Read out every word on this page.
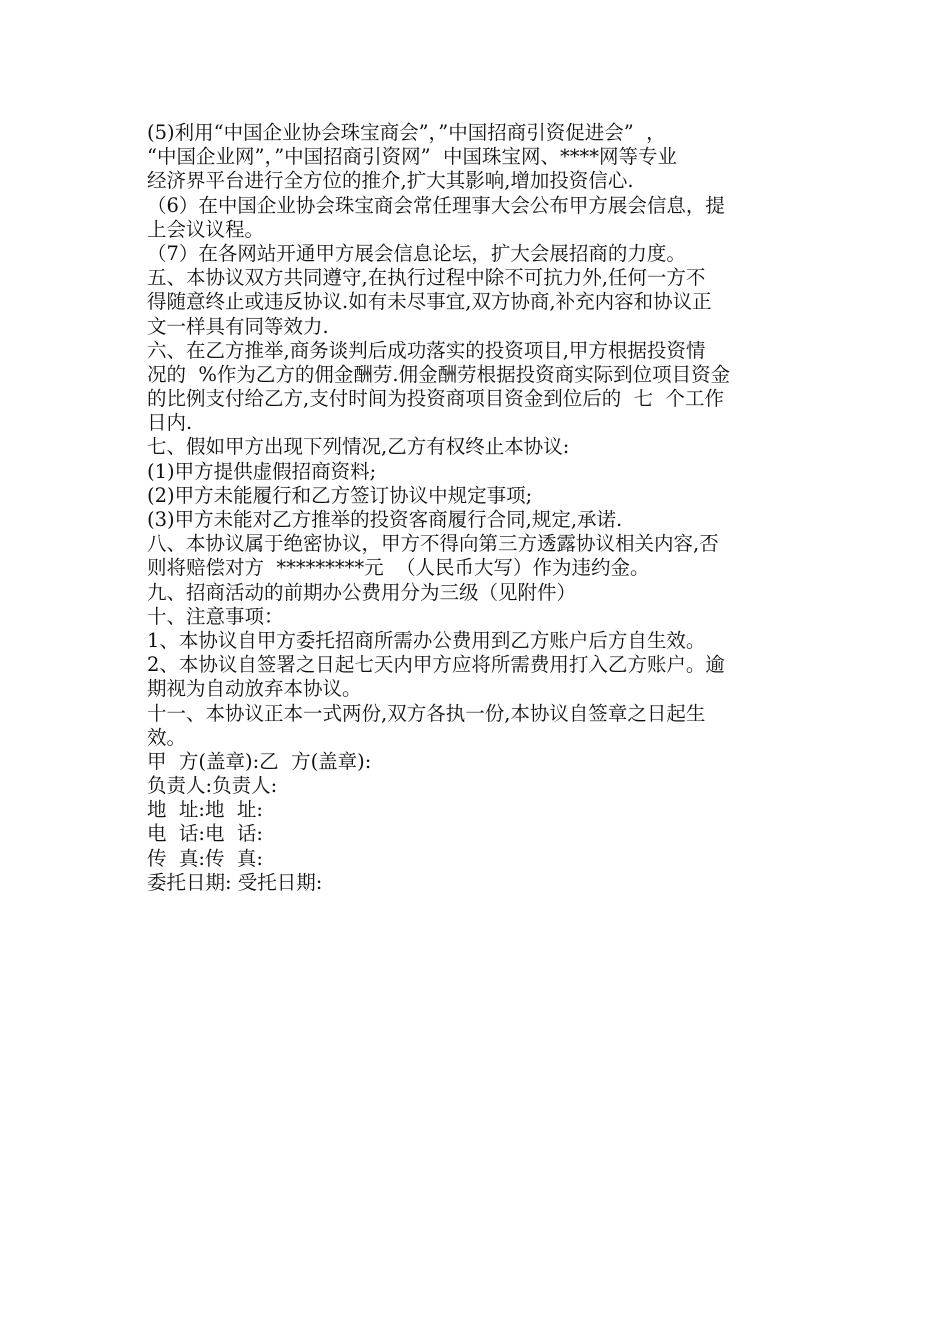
(5)利用“中国企业协会珠宝商会”，”中国招商引资促进会”  ，
“中国企业网”，”中国招商引资网”  中国珠宝网、****网等专业
经济界平台进行全方位的推介,扩大其影响,增加投资信心.
（6）在中国企业协会珠宝商会常任理事大会公布甲方展会信息，提
上会议议程。
（7）在各网站开通甲方展会信息论坛，扩大会展招商的力度。
五、本协议双方共同遵守,在执行过程中除不可抗力外,任何一方不
得随意终止或违反协议.如有未尽事宜,双方协商,补充内容和协议正
文一样具有同等效力.
六、在乙方推举,商务谈判后成功落实的投资项目,甲方根据投资情
况的  %作为乙方的佣金酬劳.佣金酬劳根据投资商实际到位项目资金
的比例支付给乙方,支付时间为投资商项目资金到位后的  七  个工作
日内.
七、假如甲方出现下列情况,乙方有权终止本协议:
(1)甲方提供虚假招商资料;
(2)甲方未能履行和乙方签订协议中规定事项;
(3)甲方未能对乙方推举的投资客商履行合同,规定,承诺.
八、本协议属于绝密协议，甲方不得向第三方透露协议相关内容,否
则将赔偿对方  *********元  （人民币大写）作为违约金。
九、招商活动的前期办公费用分为三级（见附件）
十、注意事项：
1、本协议自甲方委托招商所需办公费用到乙方账户后方自生效。
2、本协议自签署之日起七天内甲方应将所需费用打入乙方账户。逾
期视为自动放弃本协议。
十一、本协议正本一式两份,双方各执一份,本协议自签章之日起生
效。
甲  方(盖章):乙  方(盖章):
负责人:负责人:
地  址:地  址:
电  话:电  话:
传  真:传  真:
委托日期: 受托日期:
